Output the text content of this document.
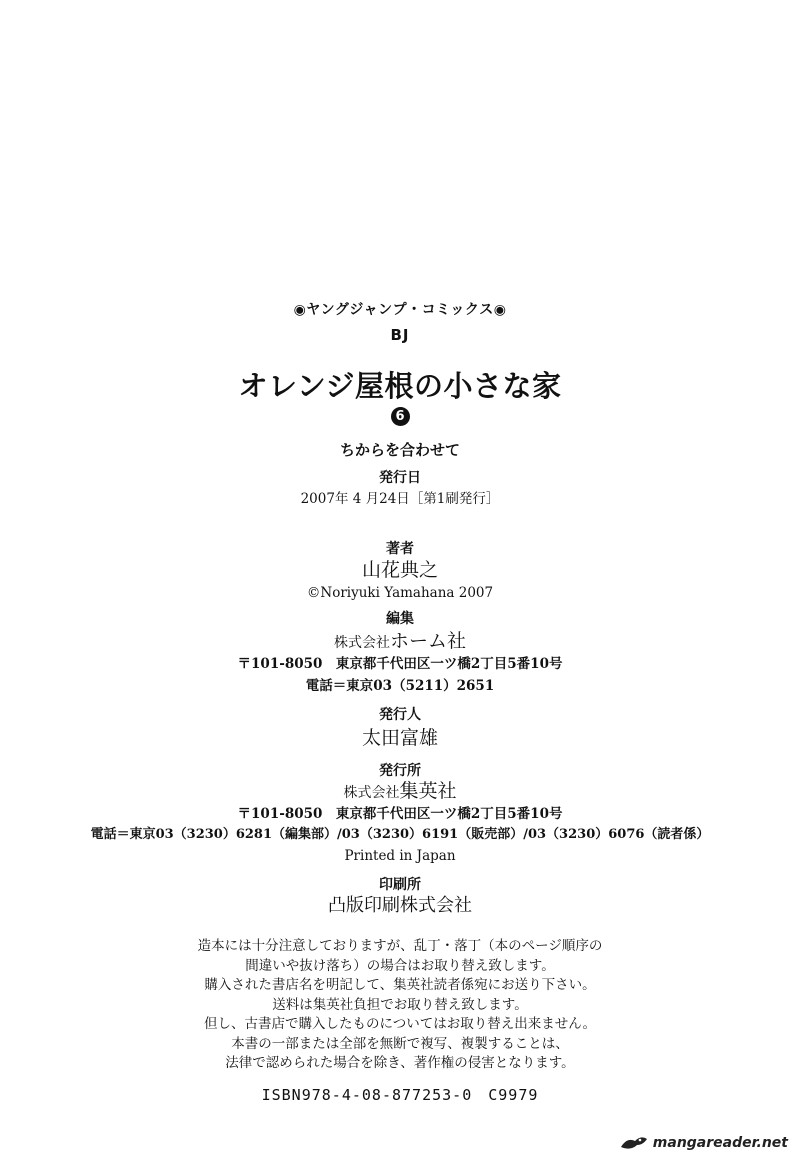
◉ヤングジャンプ・コミックス◉
BJ
オレンジ屋根の小さな家
6
ちからを合わせて
発行日
2007年 4 月24日［第1刷発行］
著者
山花典之
©Noriyuki Yamahana 2007
編集
株式会社ホーム社
〒101-8050　東京都千代田区一ツ橋2丁目5番10号
電話＝東京03（5211）2651
発行人
太田富雄
発行所
株式会社集英社
〒101-8050　東京都千代田区一ツ橋2丁目5番10号
電話＝東京03（3230）6281（編集部）/03（3230）6191（販売部）/03（3230）6076（読者係）
Printed in Japan
印刷所
凸版印刷株式会社
造本には十分注意しておりますが、乱丁・落丁（本のページ順序の
間違いや抜け落ち）の場合はお取り替え致します。
購入された書店名を明記して、集英社読者係宛にお送り下さい。
送料は集英社負担でお取り替え致します。
但し、古書店で購入したものについてはお取り替え出来ません。
本書の一部または全部を無断で複写、複製することは、
法律で認められた場合を除き、著作権の侵害となります。
ISBN978-4-08-877253-0　C9979
mangareader.net
